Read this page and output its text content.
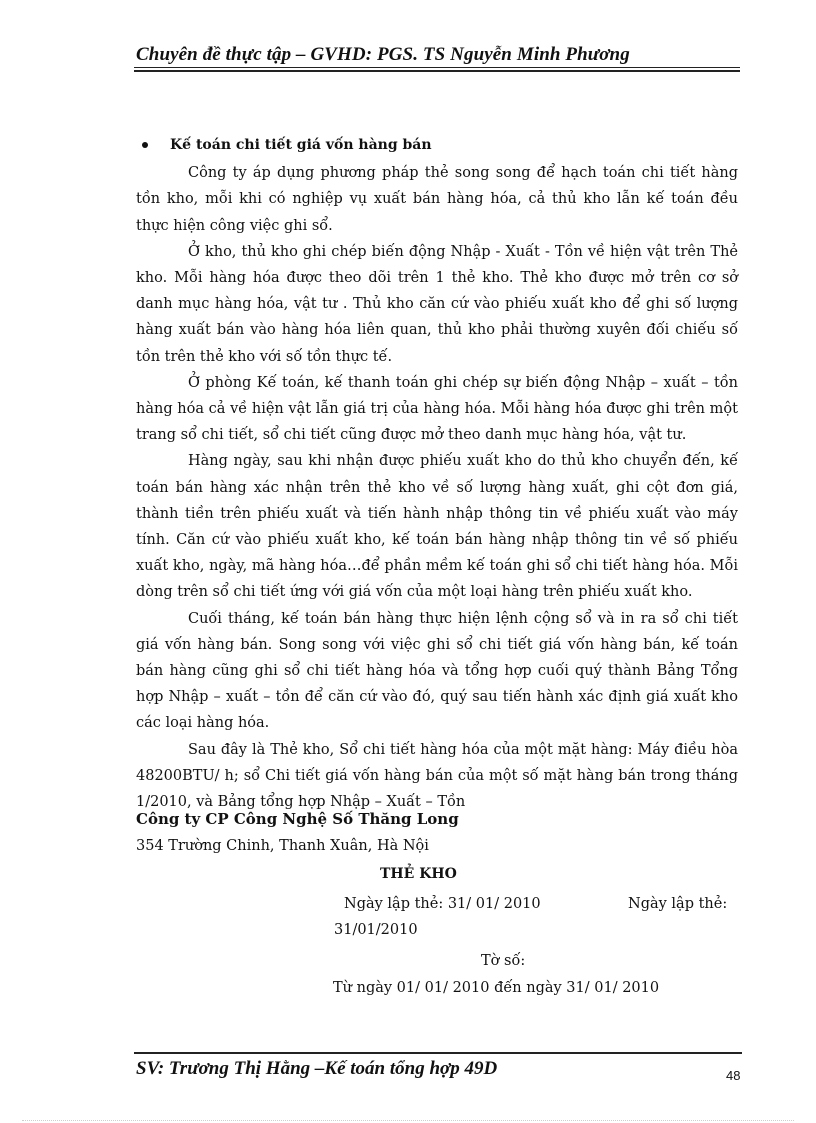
Chuyên đề thực tập – GVHD: PGS. TS Nguyễn Minh Phương
Kế toán chi tiết giá vốn hàng bán

Công ty áp dụng phương pháp thẻ song song để hạch toán chi tiết hàng tồn kho, mỗi khi có nghiệp vụ xuất bán hàng hóa, cả thủ kho lẫn kế toán đều thực hiện công việc ghi sổ.

Ở kho, thủ kho ghi chép biến động Nhập - Xuất - Tồn về hiện vật trên Thẻ kho. Mỗi hàng hóa được theo dõi trên 1 thẻ kho. Thẻ kho được mở trên cơ sở danh mục hàng hóa, vật tư . Thủ kho căn cứ vào phiếu xuất kho để ghi số lượng hàng xuất bán vào hàng hóa liên quan, thủ kho phải thường xuyên đối chiếu số tồn trên thẻ kho với số tồn thực tế.

Ở phòng Kế toán, kế thanh toán ghi chép sự biến động Nhập – xuất – tồn hàng hóa cả về hiện vật lẫn giá trị của hàng hóa. Mỗi hàng hóa được ghi trên một trang sổ chi tiết, sổ chi tiết cũng được mở theo danh mục hàng hóa, vật tư.

Hàng ngày, sau khi nhận được phiếu xuất kho do thủ kho chuyển đến, kế toán bán hàng xác nhận trên thẻ kho về số lượng hàng xuất, ghi cột đơn giá, thành tiền trên phiếu xuất và tiến hành nhập thông tin về phiếu xuất vào máy tính. Căn cứ vào phiếu xuất kho, kế toán bán hàng nhập thông tin về số phiếu xuất kho, ngày, mã hàng hóa…để phần mềm kế toán ghi sổ chi tiết hàng hóa. Mỗi dòng trên sổ chi tiết ứng với giá vốn của một loại hàng trên phiếu xuất kho.

Cuối tháng, kế toán bán hàng thực hiện lệnh cộng sổ và in ra sổ chi tiết giá vốn hàng bán. Song song với việc ghi sổ chi tiết giá vốn hàng bán, kế toán bán hàng cũng ghi sổ chi tiết hàng hóa và tổng hợp cuối quý thành Bảng Tổng hợp Nhập – xuất – tồn để căn cứ vào đó, quý sau tiến hành xác định giá xuất kho các loại hàng hóa.

Sau đây là Thẻ kho, Sổ chi tiết hàng hóa của một mặt hàng: Máy điều hòa 48200BTU/ h; sổ Chi tiết giá vốn hàng bán của một số mặt hàng bán trong tháng 1/2010, và Bảng tổng hợp Nhập – Xuất – Tồn

Công ty CP Công Nghệ Số Thăng Long
354 Trường Chinh, Thanh Xuân, Hà Nội
THẺ KHO
Ngày lập thẻ: 31/ 01/ 2010	Ngày lập thẻ:
31/01/2010
Tờ số:
Từ ngày 01/ 01/ 2010 đến ngày 31/ 01/ 2010
SV: Trương Thị Hằng –Kế toán tổng hợp 49D	48
